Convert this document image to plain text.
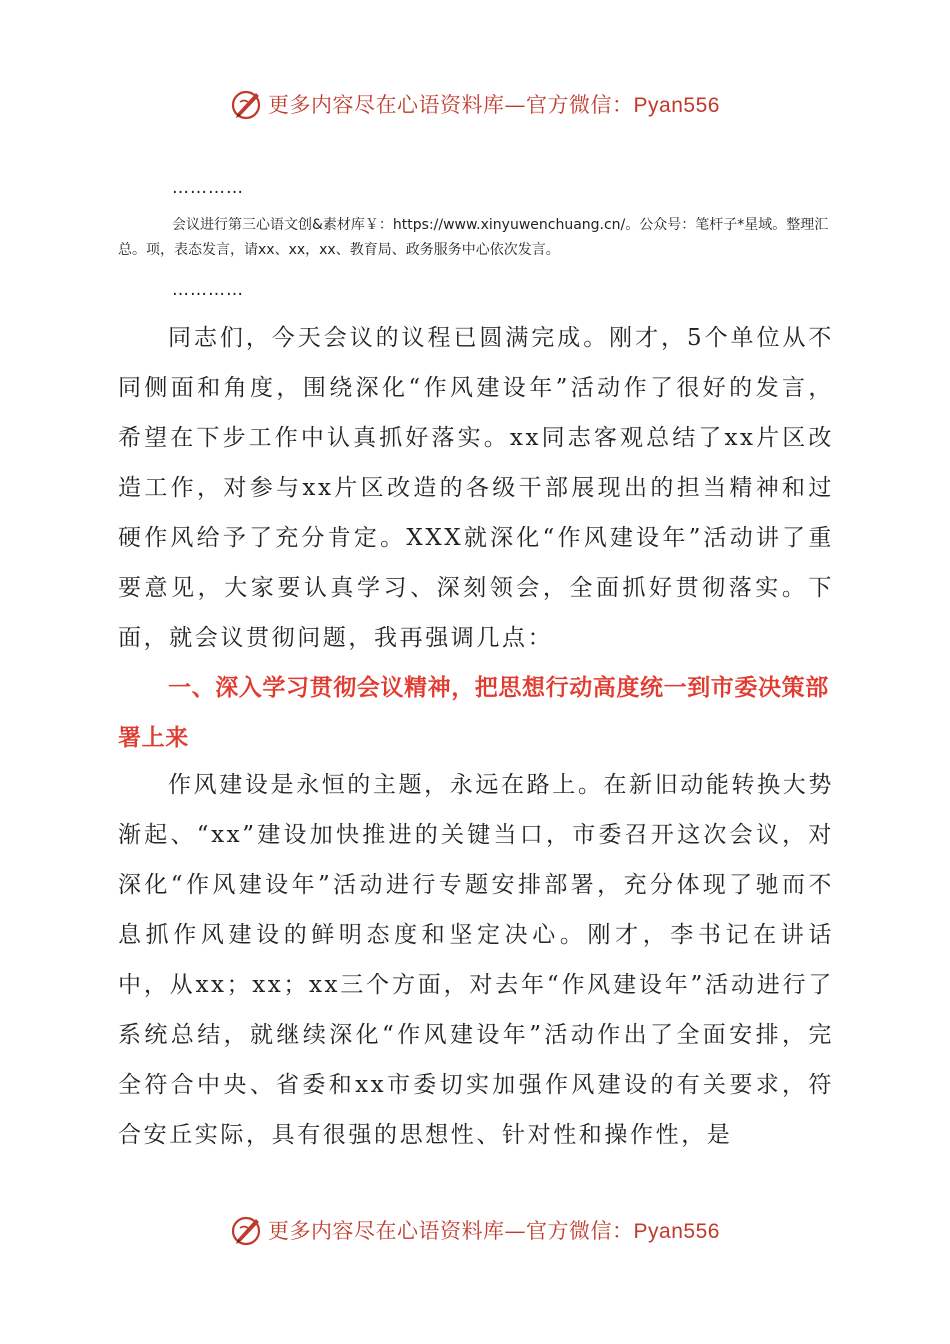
更多内容尽在心语资料库—官方微信：Pyan556
…………
会议进行第三心语文创&素材库￥：https://www.xinyuwenchuang.cn/。公众号：笔杆子*星域。整理汇总。项，表态发言，请xx、xx，xx、教育局、政务服务中心依次发言。
…………
同志们，今天会议的议程已圆满完成。刚才，5个单位从不同侧面和角度，围绕深化“作风建设年”活动作了很好的发言，希望在下步工作中认真抓好落实。xx同志客观总结了xx片区改造工作，对参与xx片区改造的各级干部展现出的担当精神和过硬作风给予了充分肯定。XXX就深化“作风建设年”活动讲了重要意见，大家要认真学习、深刻领会，全面抓好贯彻落实。下面，就会议贯彻问题，我再强调几点：
一、深入学习贯彻会议精神，把思想行动高度统一到市委决策部署上来
作风建设是永恒的主题，永远在路上。在新旧动能转换大势渐起、“xx”建设加快推进的关键当口，市委召开这次会议，对深化“作风建设年”活动进行专题安排部署，充分体现了驰而不息抓作风建设的鲜明态度和坚定决心。刚才，李书记在讲话中，从xx；xx；xx三个方面，对去年“作风建设年”活动进行了系统总结，就继续深化“作风建设年”活动作出了全面安排，完全符合中央、省委和xx市委切实加强作风建设的有关要求，符合安丘实际，具有很强的思想性、针对性和操作性，是
更多内容尽在心语资料库—官方微信：Pyan556
